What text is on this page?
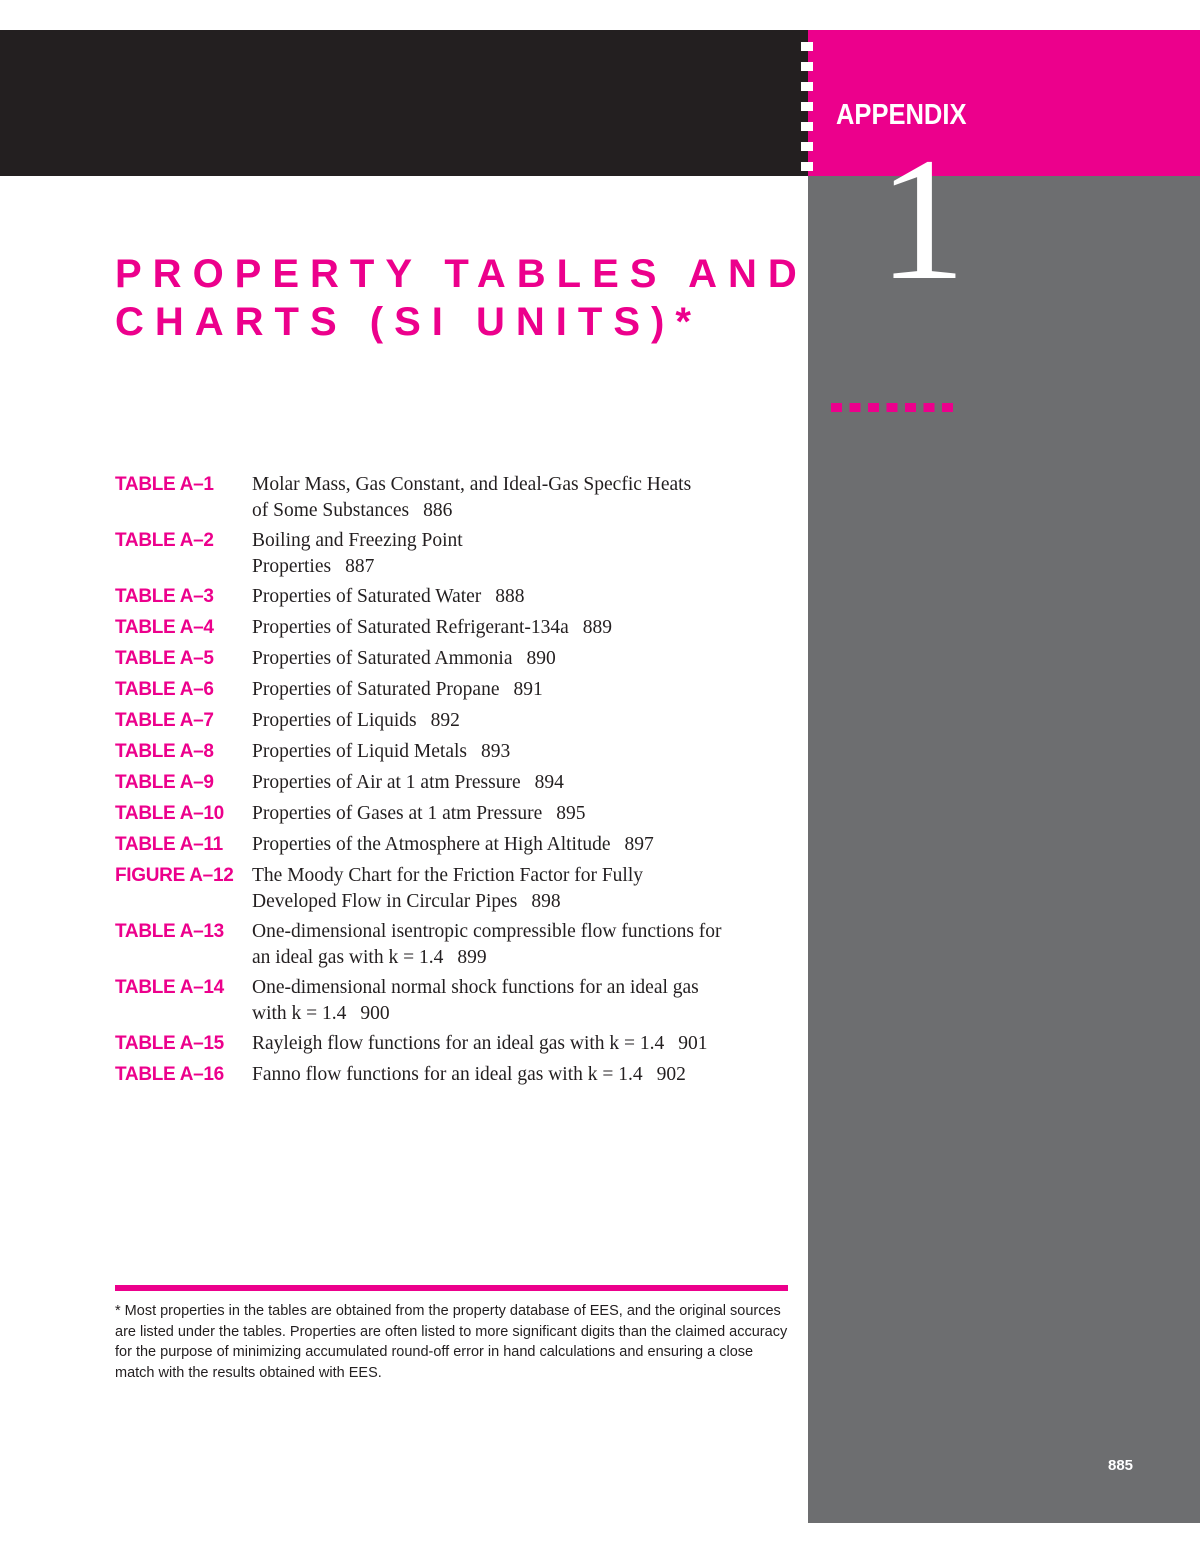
APPENDIX
1
PROPERTY TABLES AND
CHARTS (SI UNITS)*
TABLE A–1	Molar Mass, Gas Constant, and Ideal-Gas Specfic Heats
of Some Substances 886
TABLE A–2	Boiling and Freezing Point
Properties 887
TABLE A–3	Properties of Saturated Water 888
TABLE A–4	Properties of Saturated Refrigerant-134a 889
TABLE A–5	Properties of Saturated Ammonia 890
TABLE A–6	Properties of Saturated Propane 891
TABLE A–7	Properties of Liquids 892
TABLE A–8	Properties of Liquid Metals 893
TABLE A–9	Properties of Air at 1 atm Pressure 894
TABLE A–10	Properties of Gases at 1 atm Pressure 895
TABLE A–11	Properties of the Atmosphere at High Altitude 897
FIGURE A–12 The Moody Chart for the Friction Factor for Fully
Developed Flow in Circular Pipes 898
TABLE A–13	One-dimensional isentropic compressible flow functions for
an ideal gas with k = 1.4 899
TABLE A–14	One-dimensional normal shock functions for an ideal gas
with k = 1.4 900
TABLE A–15	Rayleigh flow functions for an ideal gas with k = 1.4 901
TABLE A–16	Fanno flow functions for an ideal gas with k = 1.4 902

* Most properties in the tables are obtained from the property database of EES, and the original sources are listed under the tables. Properties are often listed to more significant digits than the claimed accuracy for the purpose of minimizing accumulated round-off error in hand calculations and ensuring a close match with the results obtained with EES.

885
